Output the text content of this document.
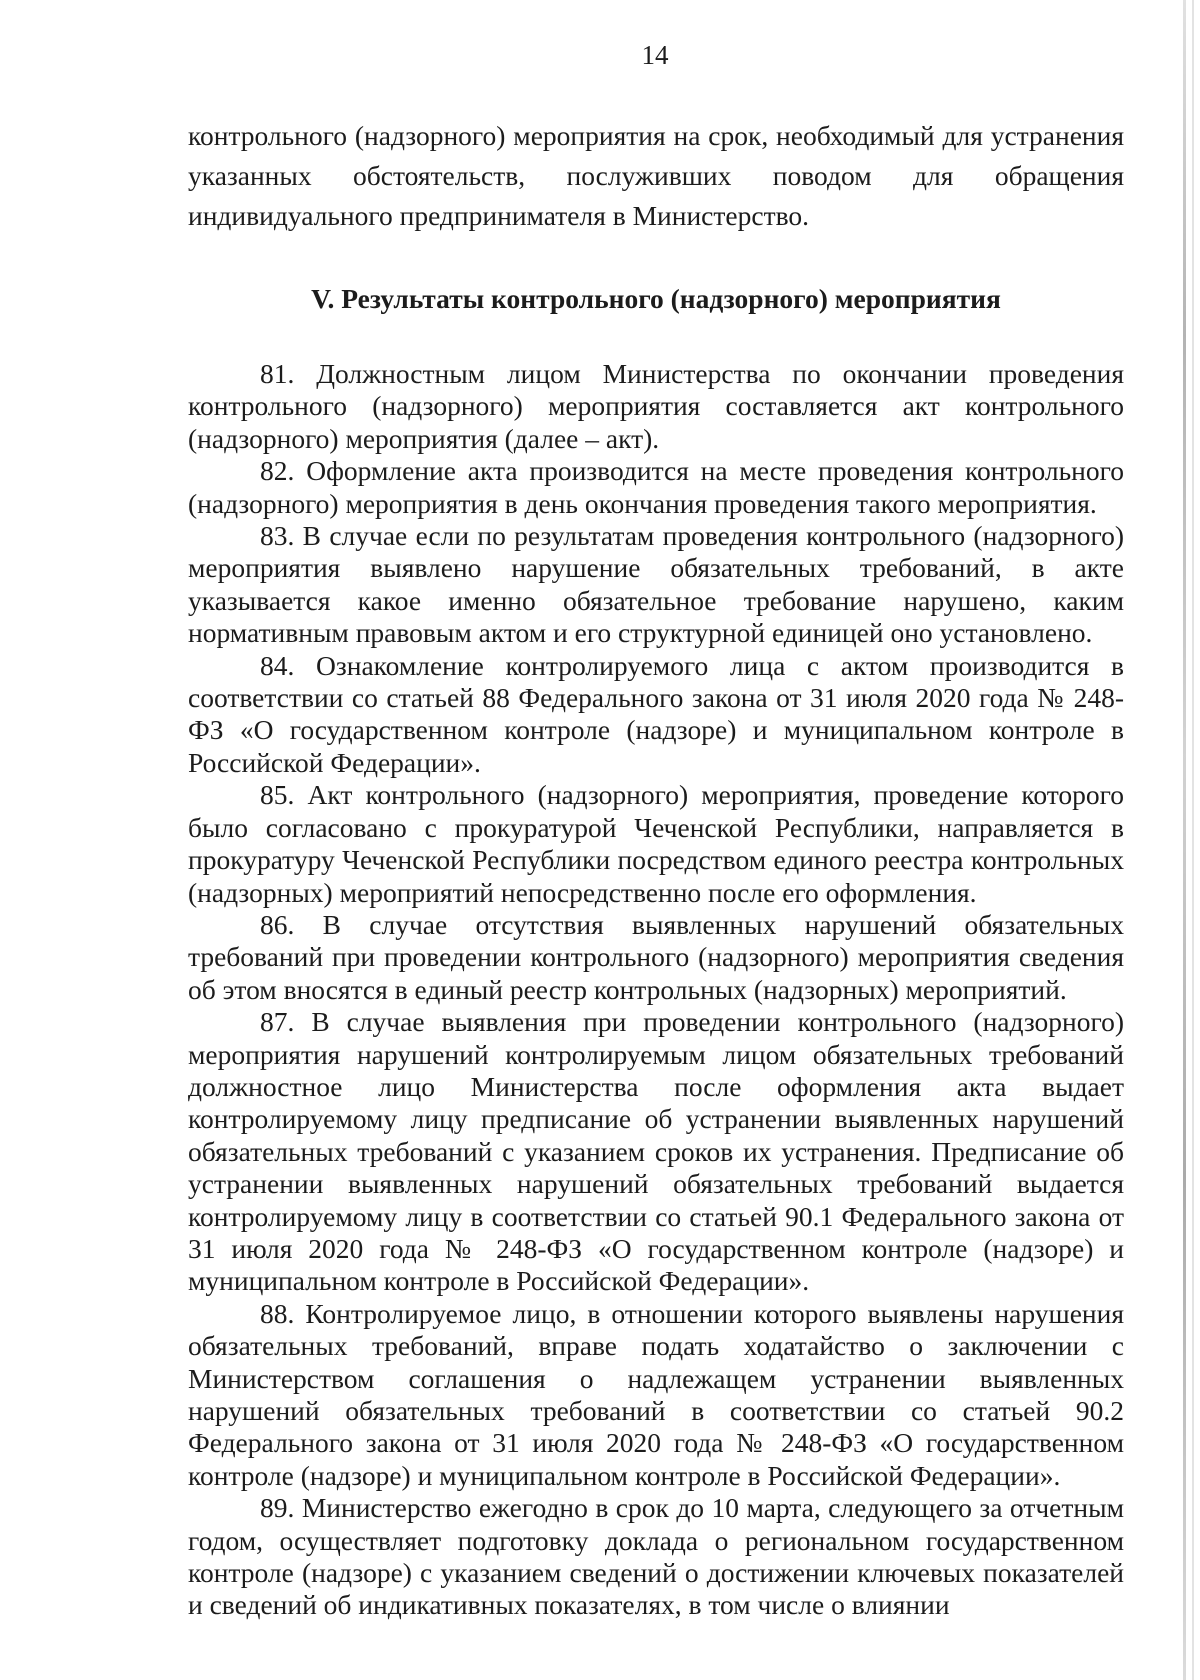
14

контрольного (надзорного) мероприятия на срок, необходимый для устранения указанных обстоятельств, послуживших поводом для обращения индивидуального предпринимателя в Министерство.

V. Результаты контрольного (надзорного) мероприятия

81. Должностным лицом Министерства по окончании проведения контрольного (надзорного) мероприятия составляется акт контрольного (надзорного) мероприятия (далее – акт).

82. Оформление акта производится на месте проведения контрольного (надзорного) мероприятия в день окончания проведения такого мероприятия.

83. В случае если по результатам проведения контрольного (надзорного) мероприятия выявлено нарушение обязательных требований, в акте указывается какое именно обязательное требование нарушено, каким нормативным правовым актом и его структурной единицей оно установлено.

84. Ознакомление контролируемого лица с актом производится в соответствии со статьей 88 Федерального закона от 31 июля 2020 года № 248-ФЗ «О государственном контроле (надзоре) и муниципальном контроле в Российской Федерации».

85. Акт контрольного (надзорного) мероприятия, проведение которого было согласовано с прокуратурой Чеченской Республики, направляется в прокуратуру Чеченской Республики посредством единого реестра контрольных (надзорных) мероприятий непосредственно после его оформления.

86. В случае отсутствия выявленных нарушений обязательных требований при проведении контрольного (надзорного) мероприятия сведения об этом вносятся в единый реестр контрольных (надзорных) мероприятий.

87. В случае выявления при проведении контрольного (надзорного) мероприятия нарушений контролируемым лицом обязательных требований должностное лицо Министерства после оформления акта выдает контролируемому лицу предписание об устранении выявленных нарушений обязательных требований с указанием сроков их устранения. Предписание об устранении выявленных нарушений обязательных требований выдается контролируемому лицу в соответствии со статьей 90.1 Федерального закона от 31 июля 2020 года № 248-ФЗ «О государственном контроле (надзоре) и муниципальном контроле в Российской Федерации».

88. Контролируемое лицо, в отношении которого выявлены нарушения обязательных требований, вправе подать ходатайство о заключении с Министерством соглашения о надлежащем устранении выявленных нарушений обязательных требований в соответствии со статьей 90.2 Федерального закона от 31 июля 2020 года № 248-ФЗ «О государственном контроле (надзоре) и муниципальном контроле в Российской Федерации».

89. Министерство ежегодно в срок до 10 марта, следующего за отчетным годом, осуществляет подготовку доклада о региональном государственном контроле (надзоре) с указанием сведений о достижении ключевых показателей и сведений об индикативных показателях, в том числе о влиянии
